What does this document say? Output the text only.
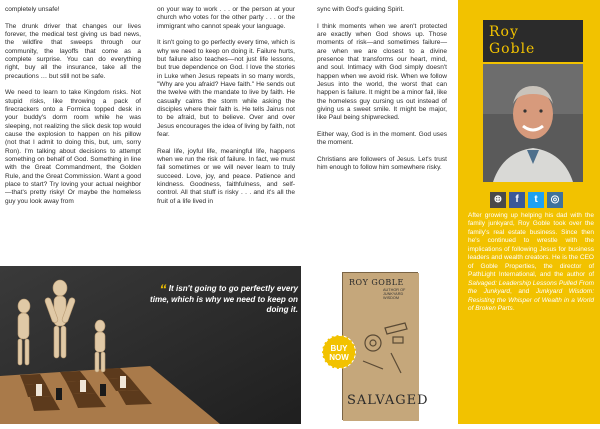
completely unsafe!

The drunk driver that changes our lives forever, the medical test giving us bad news, the wildfire that sweeps through our community, the layoffs that come as a complete surprise. You can do everything right, buy all the insurance, take all the precautions … but still not be safe.

We need to learn to take Kingdom risks. Not stupid risks, like throwing a pack of firecrackers onto a Formica topped desk in your buddy's dorm room while he was sleeping, not realizing the slick desk top would cause the explosion to happen on his pillow (not that I admit to doing this, but, um, sorry Ron). I'm talking about decisions to attempt something on behalf of God. Something in line with the Great Commandment, the Golden Rule, and the Great Commission. Want a good place to start? Try loving your actual neighbor—that's pretty risky! Or maybe the homeless guy you look away from

on your way to work . . . or the person at your church who votes for the other party . . . or the immigrant who cannot speak your language.

It isn't going to go perfectly every time, which is why we need to keep on doing it. Failure hurts, but failure also teaches—not just life lessons, but true dependence on God. I love the stories in Luke when Jesus repeats in so many words, "Why are you afraid? Have faith." He sends out the twelve with the mandate to live by faith. He casually calms the storm while asking the disciples where their faith is. He tells Jairus not to be afraid, but to believe. Over and over Jesus encourages the idea of living by faith, not fear.

Real life, joyful life, meaningful life, happens when we run the risk of failure. In fact, we must fail sometimes or we will never learn to truly succeed. Love, joy, and peace. Patience and kindness. Goodness, faithfulness, and self-control. All that stuff is risky . . . and it's all the fruit of a life lived in

sync with God's guiding Spirit.

I think moments when we aren't protected are exactly when God shows up. Those moments of risk—and sometimes failure—are when we are closest to a divine presence that transforms our heart, mind, and soul. Intimacy with God simply doesn't happen when we avoid risk. When we follow Jesus into the world, the worst that can happen is failure. It might be a minor fail, like the homeless guy cursing us out instead of giving us a sweet smile. It might be major, like Paul being shipwrecked.

Either way, God is in the moment. God uses the moment.

Christians are followers of Jesus. Let's trust him enough to follow him somewhere risky.

Roy
Goble
⊕	f	t	◎
After growing up helping his dad with the family junkyard, Roy Goble took over the family's real estate business. Since then he's continued to wrestle with the implications of following Jesus for business leaders and wealth creators. He is the CEO of Goble Properties, the director of PathLight International, and the author of Salvaged: Leadership Lessons Pulled From the Junkyard, and Junkyard Wisdom: Resisting the Whisper of Wealth in a World of Broken Parts.
“ It isn't going to go perfectly every time, which is why we need to keep on doing it.
ROY GOBLE
AUTHOR OF JUNKYARD WISDOM
SALVAGED
BUY
NOW
